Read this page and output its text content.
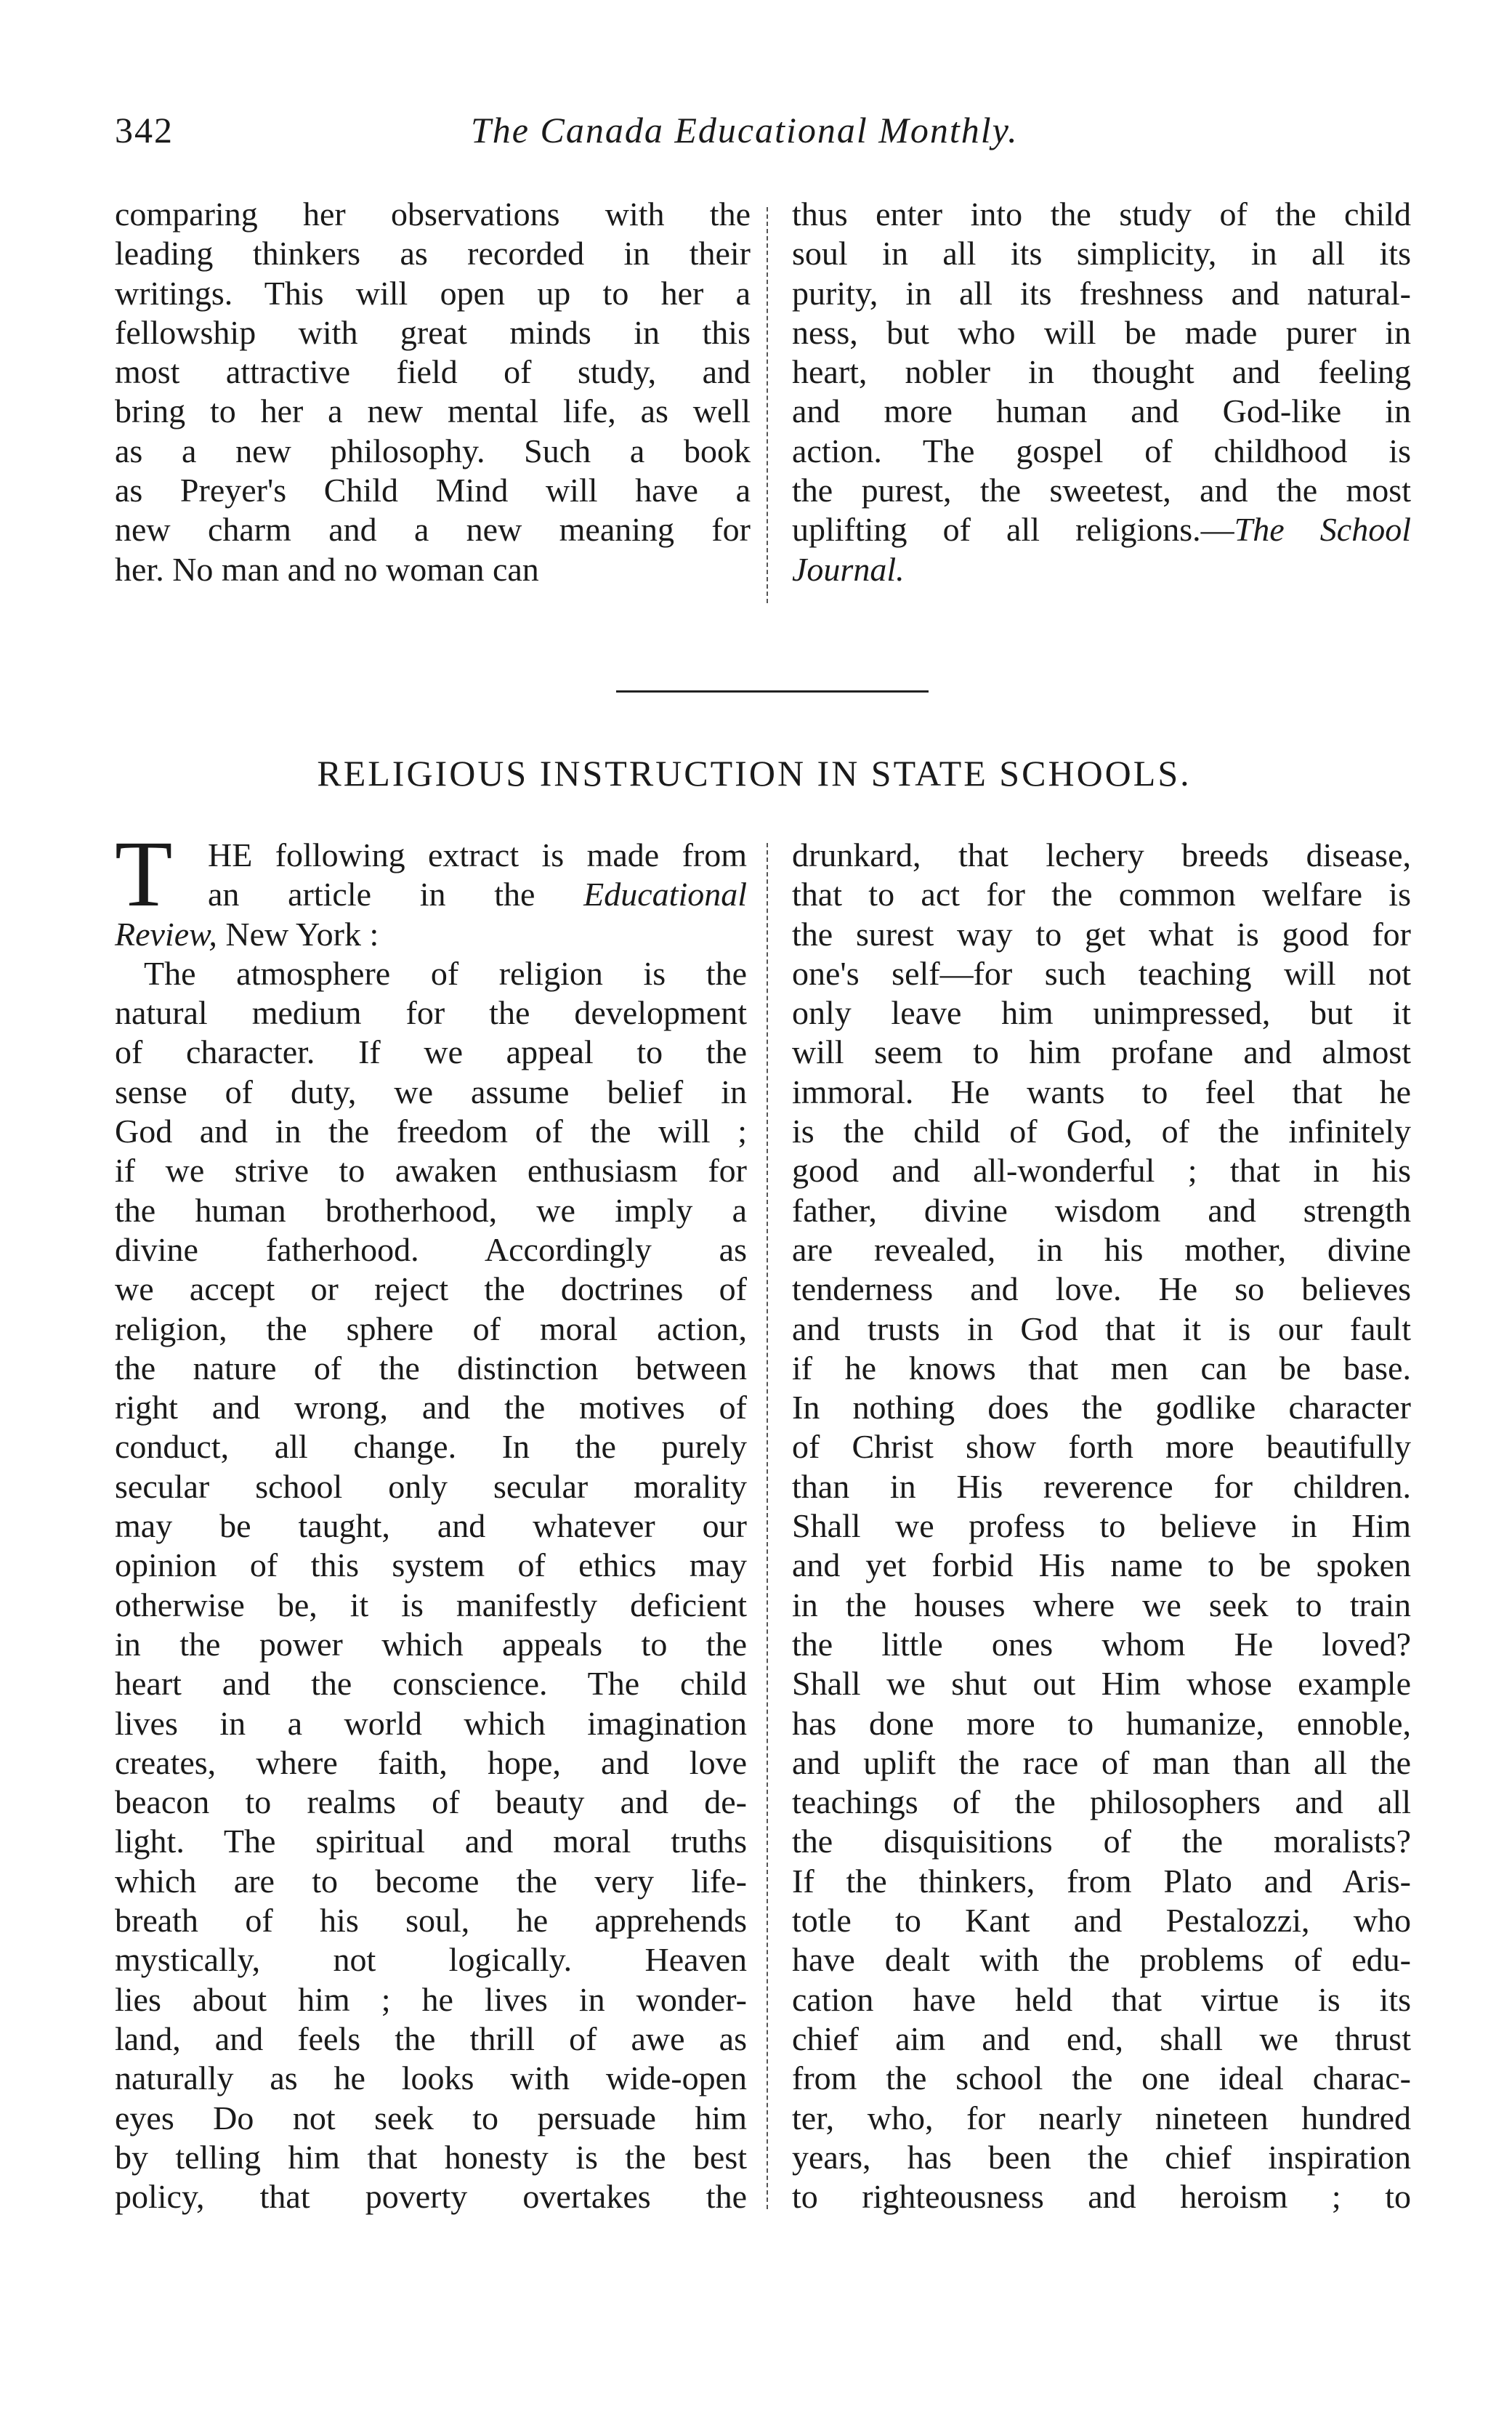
342	The Canada Educational Monthly.
comparing her observations with the
leading thinkers as recorded in their
writings. This will open up to her a
fellowship with great minds in this
most attractive field of study, and
bring to her a new mental life, as well
as a new philosophy. Such a book
as Preyer's Child Mind will have a
new charm and a new meaning for
her. No man and no woman can
thus enter into the study of the child
soul in all its simplicity, in all its
purity, in all its freshness and natural-
ness, but who will be made purer in
heart, nobler in thought and feeling
and more human and God-like in
action. The gospel of childhood is
the purest, the sweetest, and the most
uplifting of all religions.—The School
Journal.
RELIGIOUS INSTRUCTION IN STATE SCHOOLS.
T	HE following extract is made from
an article in the Educational
Review, New York :
The atmosphere of religion is the
natural medium for the development
of character. If we appeal to the
sense of duty, we assume belief in
God and in the freedom of the will ;
if we strive to awaken enthusiasm for
the human brotherhood, we imply a
divine fatherhood. Accordingly as
we accept or reject the doctrines of
religion, the sphere of moral action,
the nature of the distinction between
right and wrong, and the motives of
conduct, all change. In the purely
secular school only secular morality
may be taught, and whatever our
opinion of this system of ethics may
otherwise be, it is manifestly deficient
in the power which appeals to the
heart and the conscience. The child
lives in a world which imagination
creates, where faith, hope, and love
beacon to realms of beauty and de-
light. The spiritual and moral truths
which are to become the very life-
breath of his soul, he apprehends
mystically, not logically. Heaven
lies about him ; he lives in wonder-
land, and feels the thrill of awe as
naturally as he looks with wide-open
eyes Do not seek to persuade him
by telling him that honesty is the best
policy, that poverty overtakes the
drunkard, that lechery breeds disease,
that to act for the common welfare is
the surest way to get what is good for
one's self—for such teaching will not
only leave him unimpressed, but it
will seem to him profane and almost
immoral. He wants to feel that he
is the child of God, of the infinitely
good and all-wonderful ; that in his
father, divine wisdom and strength
are revealed, in his mother, divine
tenderness and love. He so believes
and trusts in God that it is our fault
if he knows that men can be base.
In nothing does the godlike character
of Christ show forth more beautifully
than in His reverence for children.
Shall we profess to believe in Him
and yet forbid His name to be spoken
in the houses where we seek to train
the little ones whom He loved?
Shall we shut out Him whose example
has done more to humanize, ennoble,
and uplift the race of man than all the
teachings of the philosophers and all
the disquisitions of the moralists?
If the thinkers, from Plato and Aris-
totle to Kant and Pestalozzi, who
have dealt with the problems of edu-
cation have held that virtue is its
chief aim and end, shall we thrust
from the school the one ideal charac-
ter, who, for nearly nineteen hundred
years, has been the chief inspiration
to righteousness and heroism ; to
